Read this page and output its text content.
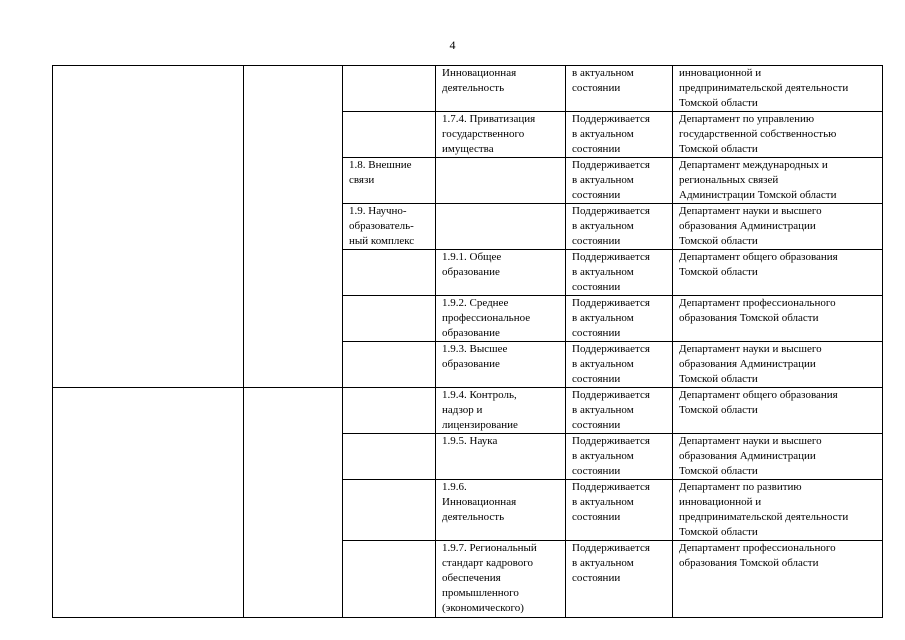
4
			Инновационная
деятельность	в актуальном
состоянии	инновационной и
предпринимательской деятельности
Томской области
			1.7.4. Приватизация
государственного
имущества	Поддерживается
в актуальном
состоянии	Департамент по управлению
государственной собственностью
Томской области
		1.8. Внешние
связи		Поддерживается
в актуальном
состоянии	Департамент международных и
региональных связей
Администрации Томской области
		1.9. Научно-
образователь-
ный комплекс		Поддерживается
в актуальном
состоянии	Департамент науки и высшего
образования Администрации
Томской области
			1.9.1. Общее
образование	Поддерживается
в актуальном
состоянии	Департамент общего образования
Томской области
			1.9.2. Среднее
профессиональное
образование	Поддерживается
в актуальном
состоянии	Департамент профессионального
образования Томской области
			1.9.3. Высшее
образование	Поддерживается
в актуальном
состоянии	Департамент науки и высшего
образования Администрации
Томской области
			1.9.4. Контроль,
надзор и
лицензирование	Поддерживается
в актуальном
состоянии	Департамент общего образования
Томской области
			1.9.5. Наука	Поддерживается
в актуальном
состоянии	Департамент науки и высшего
образования Администрации
Томской области
			1.9.6.
Инновационная
деятельность	Поддерживается
в актуальном
состоянии	Департамент по развитию
инновационной и
предпринимательской деятельности
Томской области
			1.9.7. Региональный
стандарт кадрового
обеспечения
промышленного
(экономического)	Поддерживается
в актуальном
состоянии	Департамент профессионального
образования Томской области
